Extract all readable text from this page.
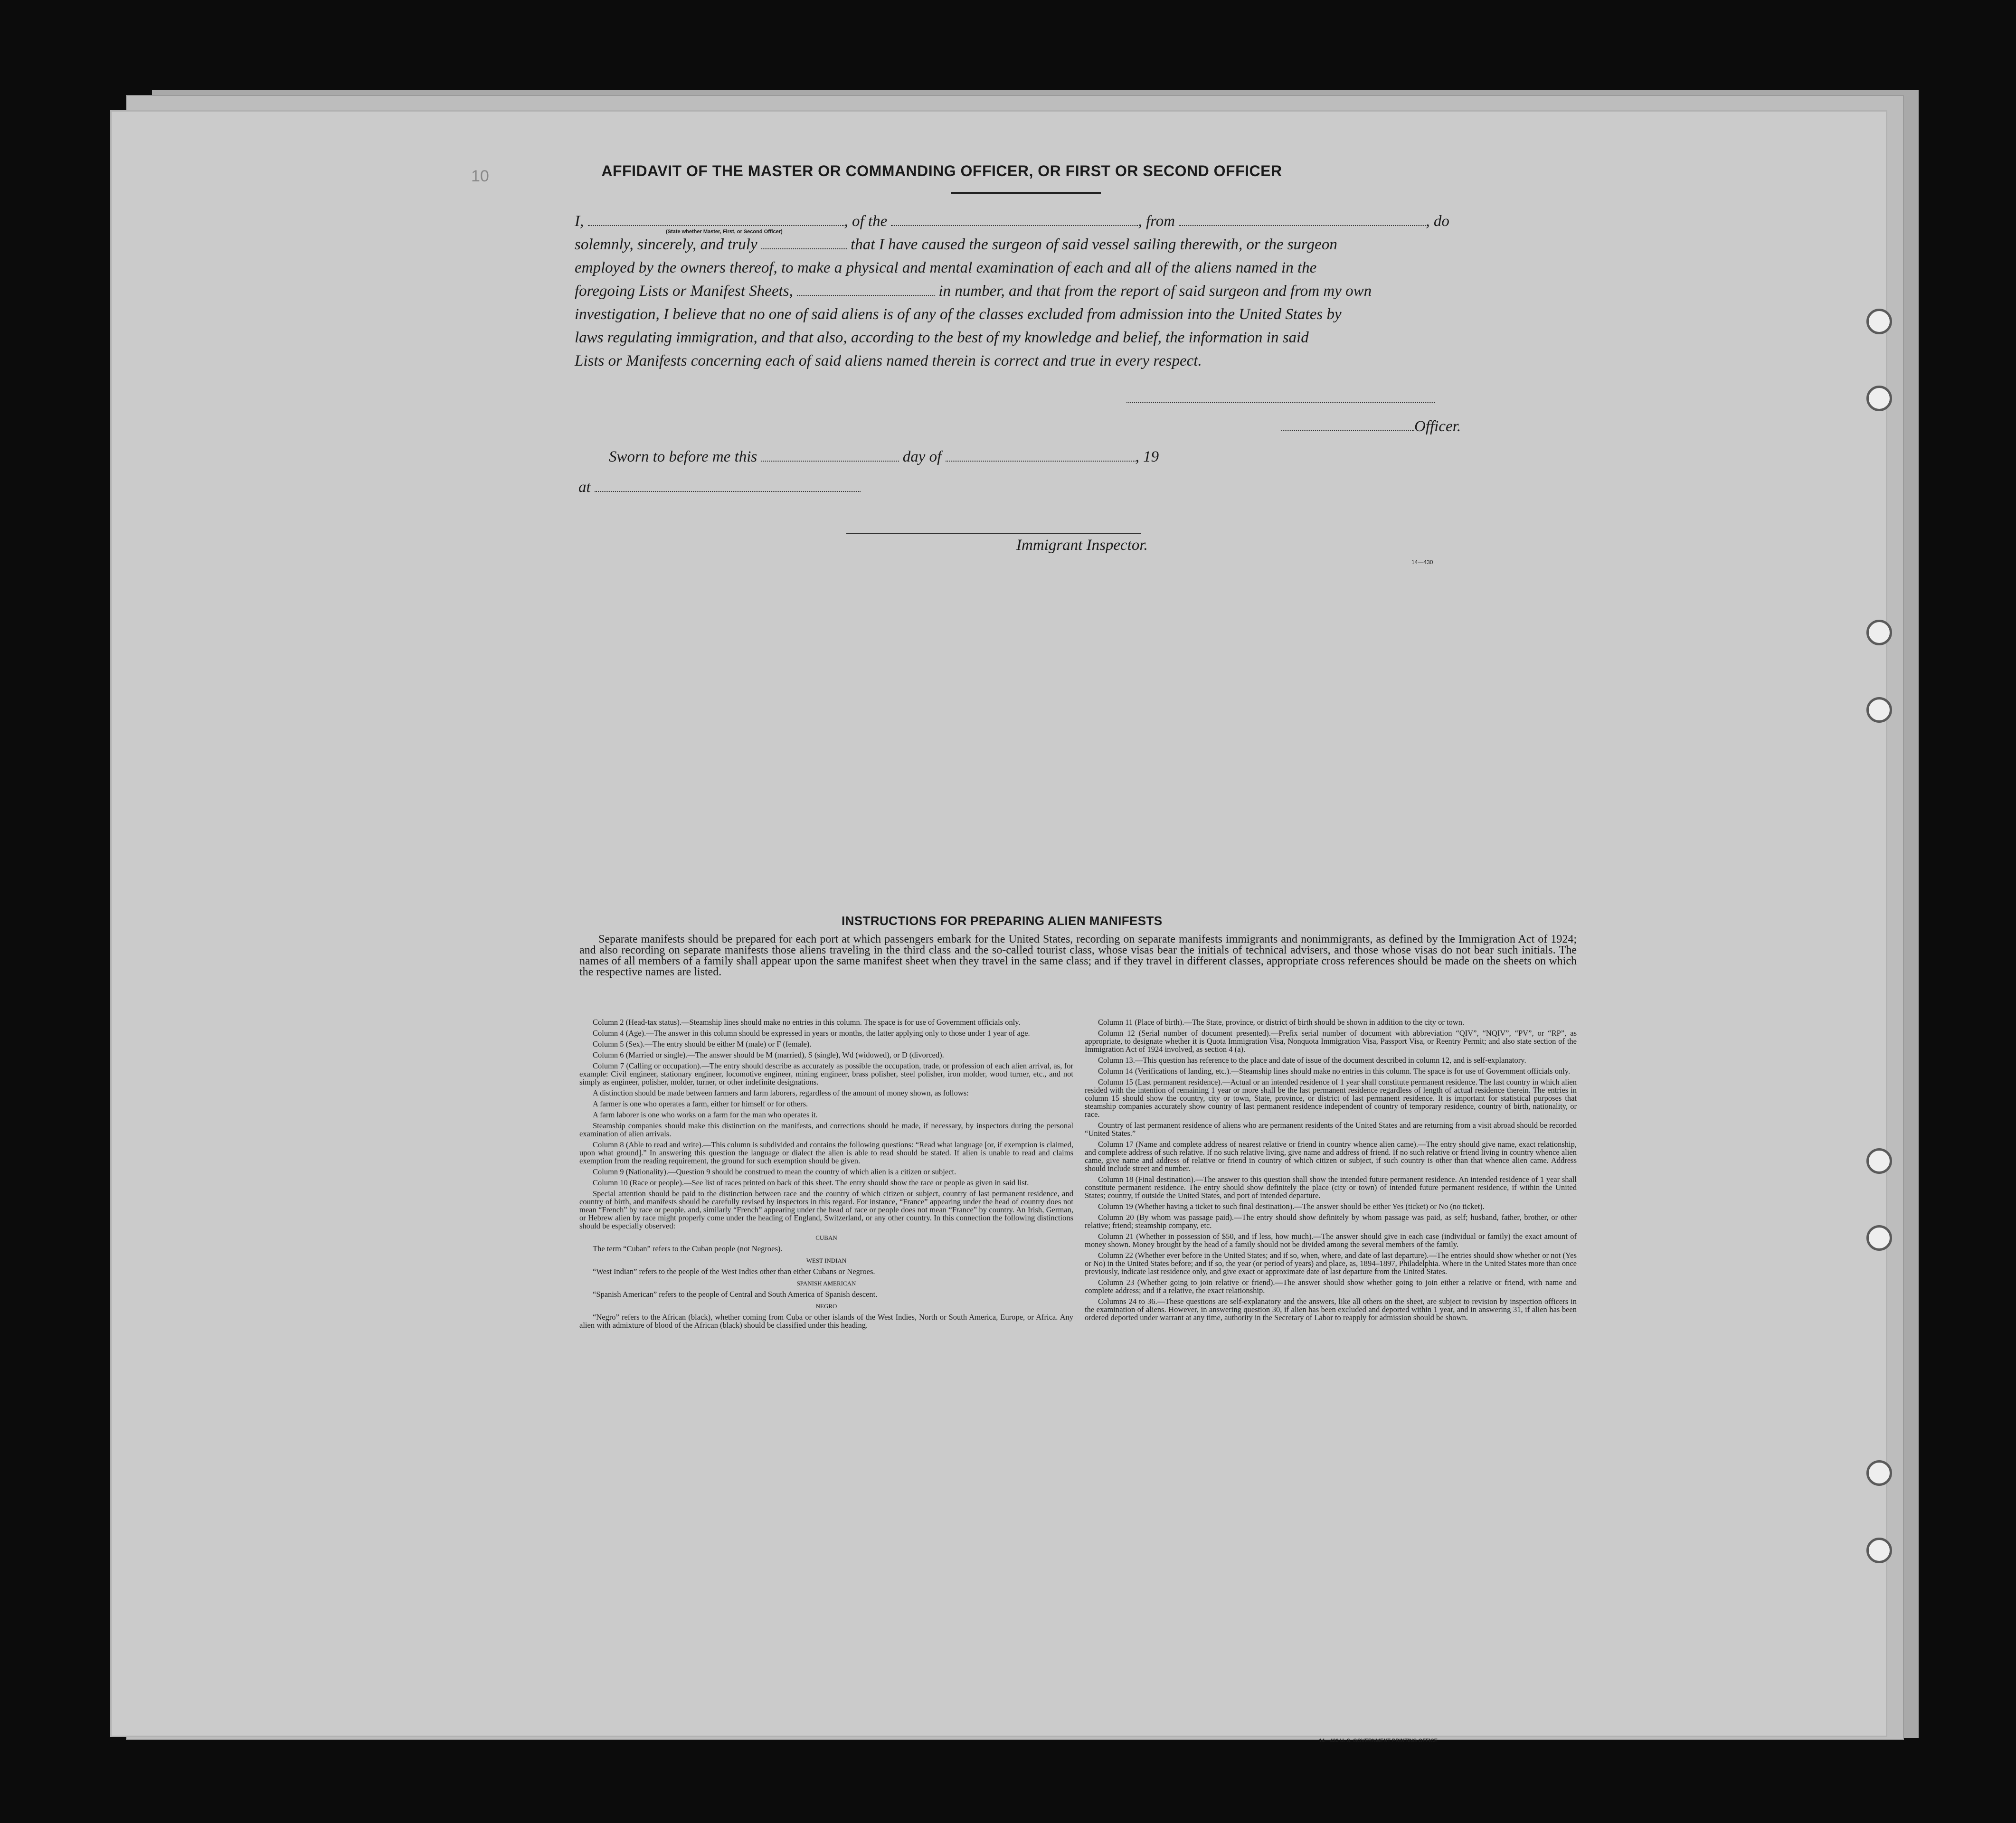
10	AFFIDAVIT OF THE MASTER OR COMMANDING OFFICER, OR FIRST OR SECOND OFFICER
I,	, of the	, from	, do
solemnly, sincerely, and truly	that I have caused the surgeon of said vessel sailing therewith, or the surgeon
employed by the owners thereof, to make a physical and mental examination of each and all of the aliens named in the
foregoing Lists or Manifest Sheets,	in number, and that from the report of said surgeon and from my own
investigation, I believe that no one of said aliens is of any of the classes excluded from admission into the United States by
laws regulating immigration, and that also, according to the best of my knowledge and belief, the information in said
Lists or Manifests concerning each of said aliens named therein is correct and true in every respect.
(State whether Master, First, or Second Officer)
Officer.
Sworn to before me this	day of	, 19
at
Immigrant Inspector.
14—430
INSTRUCTIONS FOR PREPARING ALIEN MANIFESTS
Separate manifests should be prepared for each port at which passengers embark for the United States, recording on separate manifests immigrants and nonimmigrants, as defined by the Immigration Act of 1924; and also recording on separate manifests those aliens traveling in the third class and the so-called tourist class, whose visas bear the initials of technical advisers, and those whose visas do not bear such initials. The names of all members of a family shall appear upon the same manifest sheet when they travel in the same class; and if they travel in different classes, appropriate cross references should be made on the sheets on which the respective names are listed.

Column 2 (Head-tax status).—Steamship lines should make no entries in this column. The space is for use of Government officials only.

Column 4 (Age).—The answer in this column should be expressed in years or months, the latter applying only to those under 1 year of age.

Column 5 (Sex).—The entry should be either M (male) or F (female).

Column 6 (Married or single).—The answer should be M (married), S (single), Wd (widowed), or D (divorced).

Column 7 (Calling or occupation).—The entry should describe as accurately as possible the occupation, trade, or profession of each alien arrival, as, for example: Civil engineer, stationary engineer, locomotive engineer, mining engineer, brass polisher, steel polisher, iron molder, wood turner, etc., and not simply as engineer, polisher, molder, turner, or other indefinite designations.

A distinction should be made between farmers and farm laborers, regardless of the amount of money shown, as follows:

A farmer is one who operates a farm, either for himself or for others.

A farm laborer is one who works on a farm for the man who operates it.

Steamship companies should make this distinction on the manifests, and corrections should be made, if necessary, by inspectors during the personal examination of alien arrivals.

Column 8 (Able to read and write).—This column is subdivided and contains the following questions: “Read what language [or, if exemption is claimed, upon what ground].” In answering this question the language or dialect the alien is able to read should be stated. If alien is unable to read and claims exemption from the reading requirement, the ground for such exemption should be given.

Column 9 (Nationality).—Question 9 should be construed to mean the country of which alien is a citizen or subject.

Column 10 (Race or people).—See list of races printed on back of this sheet. The entry should show the race or people as given in said list.

Special attention should be paid to the distinction between race and the country of which citizen or subject, country of last permanent residence, and country of birth, and manifests should be carefully revised by inspectors in this regard. For instance, “France” appearing under the head of country does not mean “French” by race or people, and, similarly “French” appearing under the head of race or people does not mean “France” by country. An Irish, German, or Hebrew alien by race might properly come under the heading of England, Switzerland, or any other country. In this connection the following distinctions should be especially observed:

CUBAN

The term “Cuban” refers to the Cuban people (not Negroes).

WEST INDIAN

“West Indian” refers to the people of the West Indies other than either Cubans or Negroes.

SPANISH AMERICAN

“Spanish American” refers to the people of Central and South America of Spanish descent.

NEGRO

“Negro” refers to the African (black), whether coming from Cuba or other islands of the West Indies, North or South America, Europe, or Africa. Any alien with admixture of blood of the African (black) should be classified under this heading.

Column 11 (Place of birth).—The State, province, or district of birth should be shown in addition to the city or town.

Column 12 (Serial number of document presented).—Prefix serial number of document with abbreviation “QIV”, “NQIV”, “PV”, or “RP”, as appropriate, to designate whether it is Quota Immigration Visa, Nonquota Immigration Visa, Passport Visa, or Reentry Permit; and also state section of the Immigration Act of 1924 involved, as section 4 (a).

Column 13.—This question has reference to the place and date of issue of the document described in column 12, and is self-explanatory.

Column 14 (Verifications of landing, etc.).—Steamship lines should make no entries in this column. The space is for use of Government officials only.

Column 15 (Last permanent residence).—Actual or an intended residence of 1 year shall constitute permanent residence. The last country in which alien resided with the intention of remaining 1 year or more shall be the last permanent residence regardless of length of actual residence therein. The entries in column 15 should show the country, city or town, State, province, or district of last permanent residence. It is important for statistical purposes that steamship companies accurately show country of last permanent residence independent of country of temporary residence, country of birth, nationality, or race.

Country of last permanent residence of aliens who are permanent residents of the United States and are returning from a visit abroad should be recorded “United States.”

Column 17 (Name and complete address of nearest relative or friend in country whence alien came).—The entry should give name, exact relationship, and complete address of such relative. If no such relative living, give name and address of friend. If no such relative or friend living in country whence alien came, give name and address of relative or friend in country of which citizen or subject, if such country is other than that whence alien came. Address should include street and number.

Column 18 (Final destination).—The answer to this question shall show the intended future permanent residence. An intended residence of 1 year shall constitute permanent residence. The entry should show definitely the place (city or town) of intended future permanent residence, if within the United States; country, if outside the United States, and port of intended departure.

Column 19 (Whether having a ticket to such final destination).—The answer should be either Yes (ticket) or No (no ticket).

Column 20 (By whom was passage paid).—The entry should show definitely by whom passage was paid, as self; husband, father, brother, or other relative; friend; steamship company, etc.

Column 21 (Whether in possession of $50, and if less, how much).—The answer should give in each case (individual or family) the exact amount of money shown. Money brought by the head of a family should not be divided among the several members of the family.

Column 22 (Whether ever before in the United States; and if so, when, where, and date of last departure).—The entries should show whether or not (Yes or No) in the United States before; and if so, the year (or period of years) and place, as, 1894–1897, Philadelphia. Where in the United States more than once previously, indicate last residence only, and give exact or approximate date of last departure from the United States.

Column 23 (Whether going to join relative or friend).—The answer should show whether going to join either a relative or friend, with name and complete address; and if a relative, the exact relationship.

Columns 24 to 36.—These questions are self-explanatory and the answers, like all others on the sheet, are subject to revision by inspection officers in the examination of aliens. However, in answering question 30, if alien has been excluded and deported within 1 year, and in answering 31, if alien has been ordered deported under warrant at any time, authority in the Secretary of Labor to reapply for admission should be shown.

14—430 U. S. GOVERNMENT PRINTING OFFICE
